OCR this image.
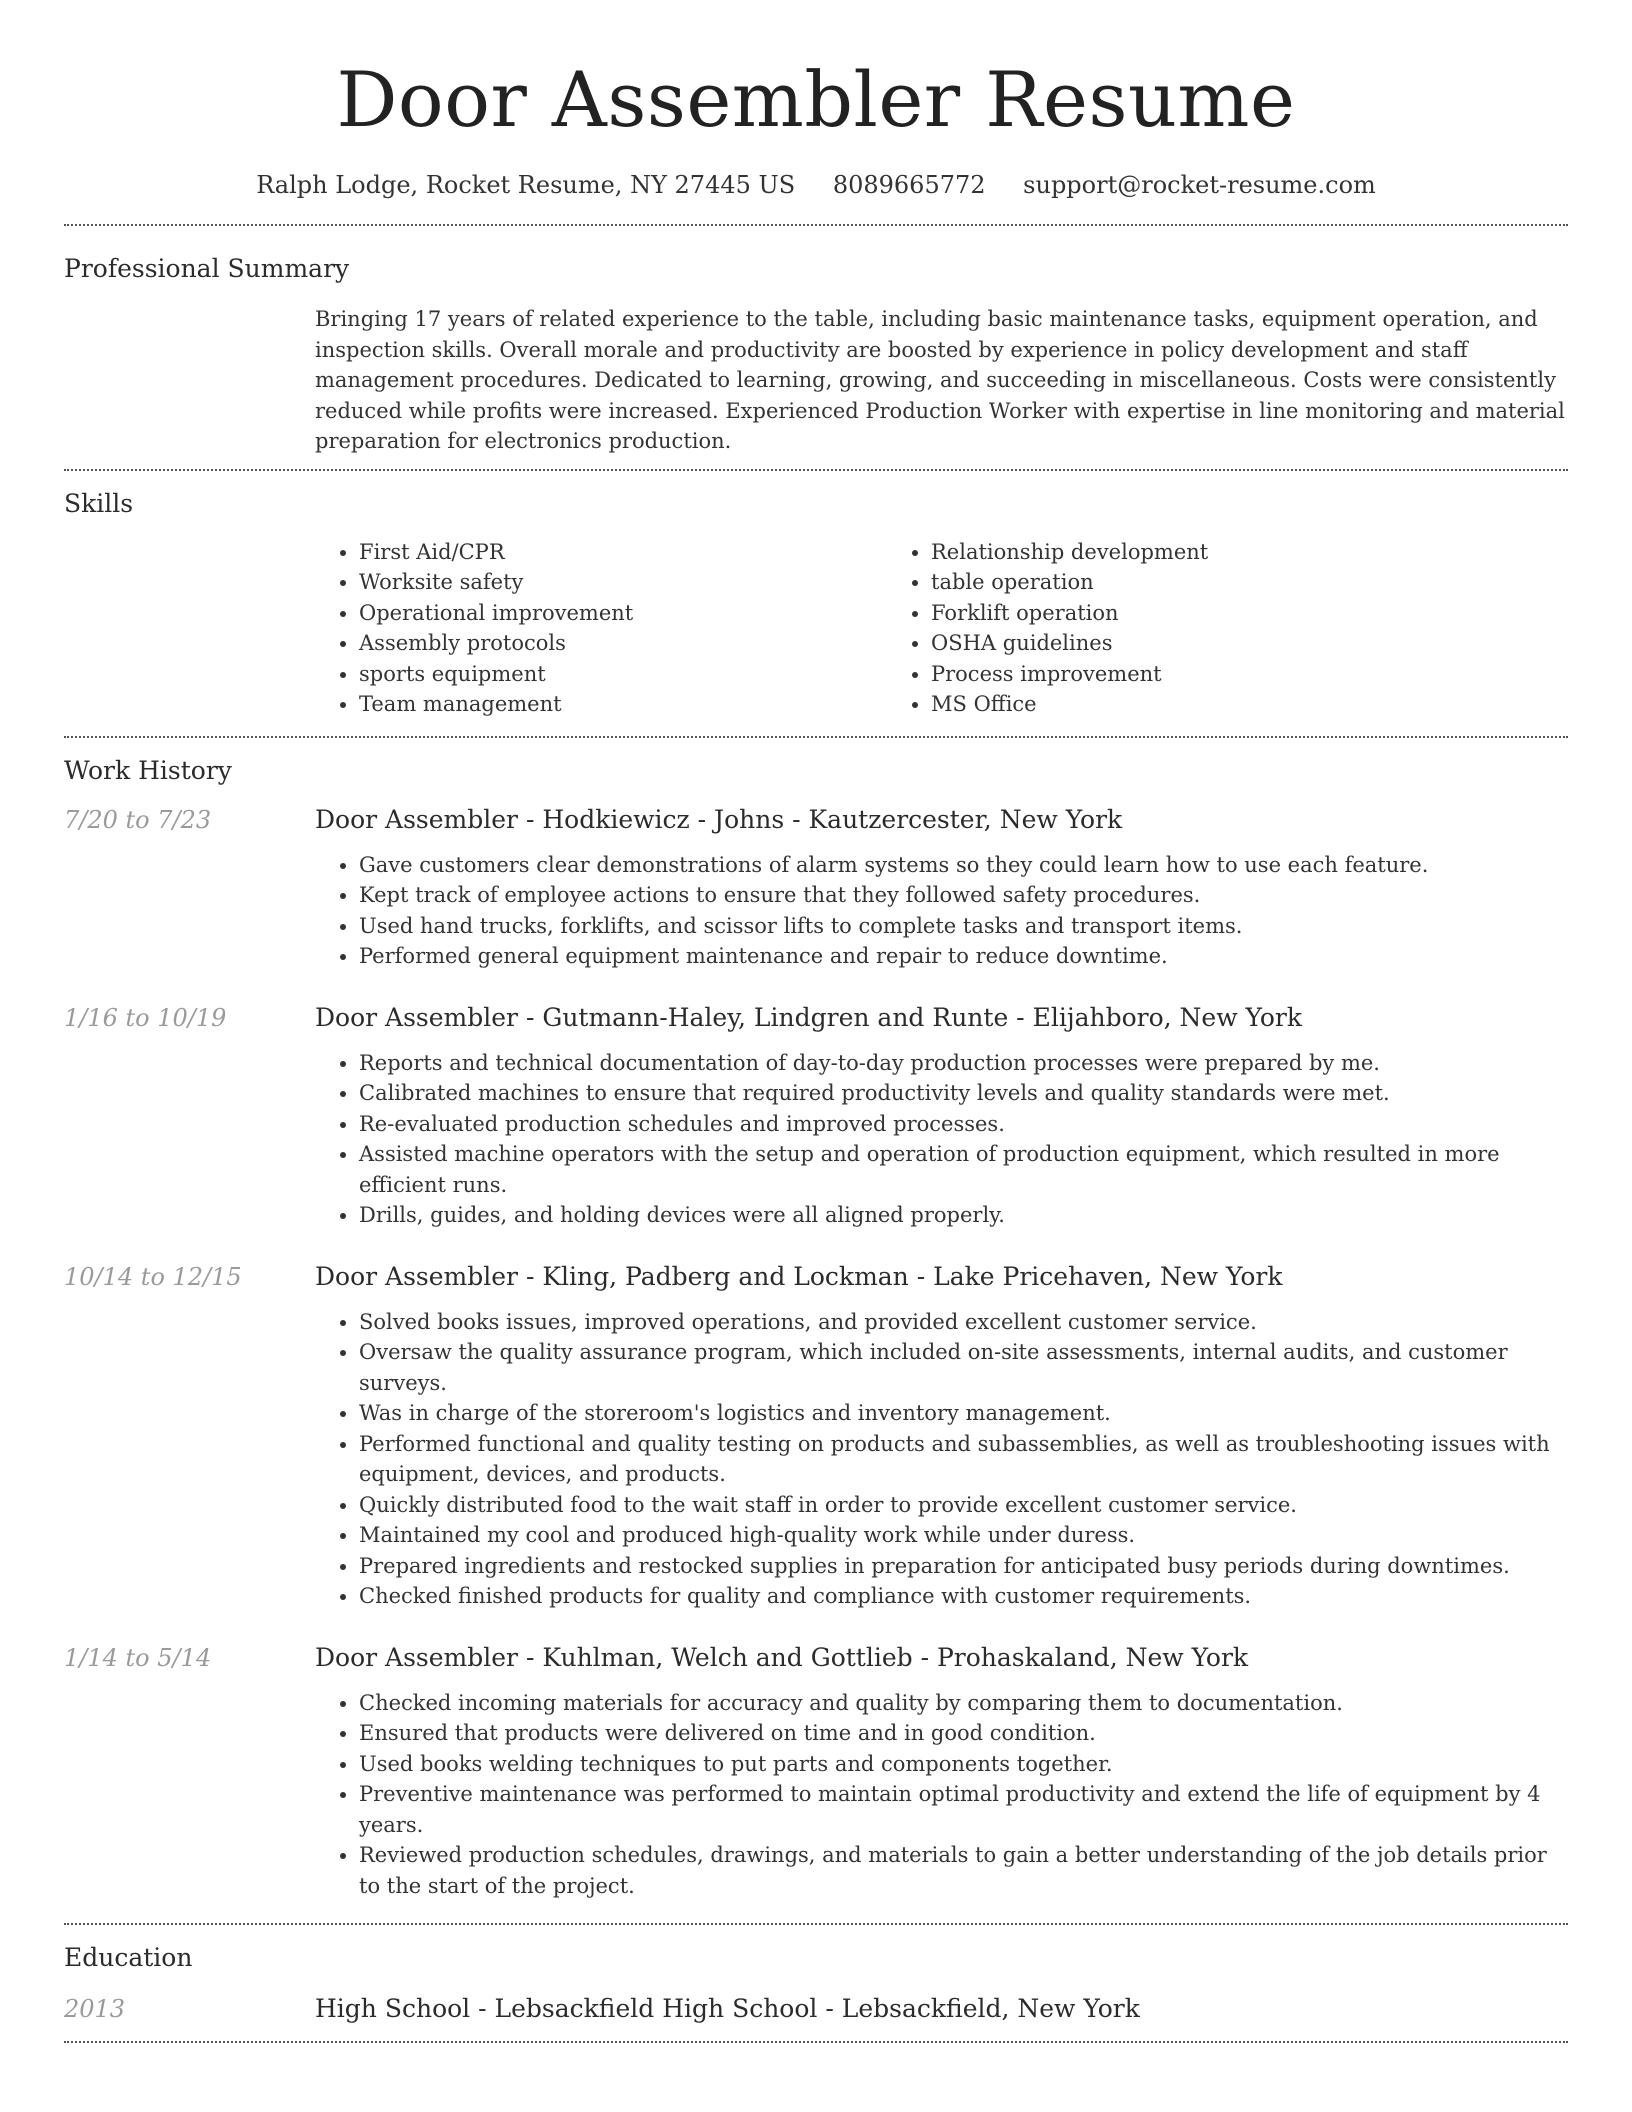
Door Assembler Resume
Ralph Lodge, Rocket Resume, NY 27445 US 8089665772 support@rocket-resume.com
Professional Summary

Bringing 17 years of related experience to the table, including basic maintenance tasks, equipment operation, and inspection skills. Overall morale and productivity are boosted by experience in policy development and staff management procedures. Dedicated to learning, growing, and succeeding in miscellaneous. Costs were consistently reduced while profits were increased. Experienced Production Worker with expertise in line monitoring and material preparation for electronics production.

Skills
• First Aid/CPR
• Worksite safety
• Operational improvement
• Assembly protocols
• sports equipment
• Team management
• Relationship development
• table operation
• Forklift operation
• OSHA guidelines
• Process improvement
• MS Office
Work History
7/20 to 7/23	Door Assembler - Hodkiewicz - Johns - Kautzercester, New York
• Gave customers clear demonstrations of alarm systems so they could learn how to use each feature.
• Kept track of employee actions to ensure that they followed safety procedures.
• Used hand trucks, forklifts, and scissor lifts to complete tasks and transport items.
• Performed general equipment maintenance and repair to reduce downtime.
1/16 to 10/19	Door Assembler - Gutmann-Haley, Lindgren and Runte - Elijahboro, New York
• Reports and technical documentation of day-to-day production processes were prepared by me.
• Calibrated machines to ensure that required productivity levels and quality standards were met.
• Re-evaluated production schedules and improved processes.
• Assisted machine operators with the setup and operation of production equipment, which resulted in more efficient runs.
• Drills, guides, and holding devices were all aligned properly.
10/14 to 12/15	Door Assembler - Kling, Padberg and Lockman - Lake Pricehaven, New York
• Solved books issues, improved operations, and provided excellent customer service.
• Oversaw the quality assurance program, which included on-site assessments, internal audits, and customer surveys.
• Was in charge of the storeroom's logistics and inventory management.
• Performed functional and quality testing on products and subassemblies, as well as troubleshooting issues with equipment, devices, and products.
• Quickly distributed food to the wait staff in order to provide excellent customer service.
• Maintained my cool and produced high-quality work while under duress.
• Prepared ingredients and restocked supplies in preparation for anticipated busy periods during downtimes.
• Checked finished products for quality and compliance with customer requirements.
1/14 to 5/14	Door Assembler - Kuhlman, Welch and Gottlieb - Prohaskaland, New York
• Checked incoming materials for accuracy and quality by comparing them to documentation.
• Ensured that products were delivered on time and in good condition.
• Used books welding techniques to put parts and components together.
• Preventive maintenance was performed to maintain optimal productivity and extend the life of equipment by 4 years.
• Reviewed production schedules, drawings, and materials to gain a better understanding of the job details prior to the start of the project.
Education
2013	High School - Lebsackfield High School - Lebsackfield, New York
